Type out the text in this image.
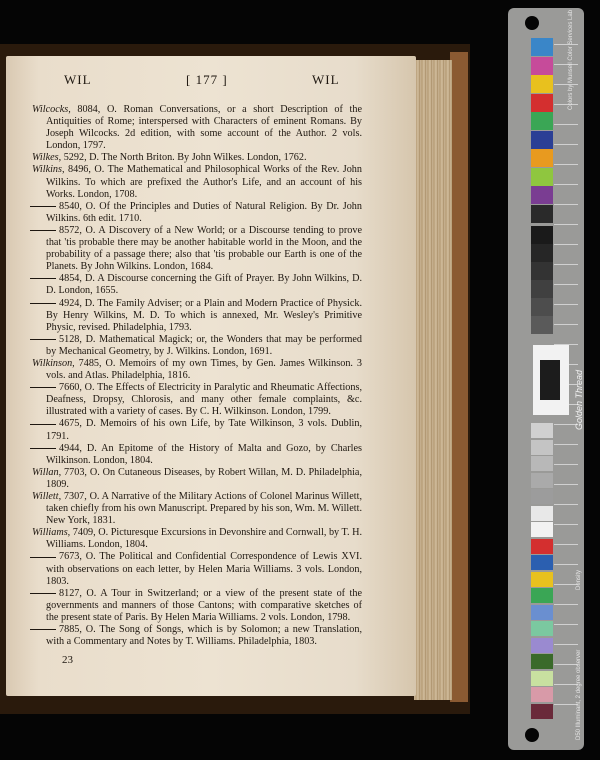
WIL	[ 177 ]	WIL

Wilcocks, 8084, O. Roman Conversations, or a short Description of the Antiquities of Rome; interspersed with Characters of eminent Romans. By Joseph Wilcocks. 2d edition, with some account of the Author. 2 vols. London, 1797.

Wilkes, 5292, D. The North Briton. By John Wilkes. London, 1762.

Wilkins, 8496, O. The Mathematical and Philosophical Works of the Rev. John Wilkins. To which are prefixed the Author's Life, and an account of his Works. London, 1708.

8540, O. Of the Principles and Duties of Natural Religion. By Dr. John Wilkins. 6th edit. 1710.

8572, O. A Discovery of a New World; or a Discourse tending to prove that 'tis probable there may be another habitable world in the Moon, and the probability of a passage there; also that 'tis probable our Earth is one of the Planets. By John Wilkins. London, 1684.

4854, D. A Discourse concerning the Gift of Prayer. By John Wilkins, D. D. London, 1655.

4924, D. The Family Adviser; or a Plain and Modern Practice of Physick. By Henry Wilkins, M. D. To which is annexed, Mr. Wesley's Primitive Physic, revised. Philadelphia, 1793.

5128, D. Mathematical Magick; or, the Wonders that may be performed by Mechanical Geometry, by J. Wilkins. London, 1691.

Wilkinson, 7485, O. Memoirs of my own Times, by Gen. James Wilkinson. 3 vols. and Atlas. Philadelphia, 1816.

7660, O. The Effects of Electricity in Paralytic and Rheumatic Affections, Deafness, Dropsy, Chlorosis, and many other female complaints, &c. illustrated with a variety of cases. By C. H. Wilkinson. London, 1799.

4675, D. Memoirs of his own Life, by Tate Wilkinson, 3 vols. Dublin, 1791.

4944, D. An Epitome of the History of Malta and Gozo, by Charles Wilkinson. London, 1804.

Willan, 7703, O. On Cutaneous Diseases, by Robert Willan, M. D. Philadelphia, 1809.

Willett, 7307, O. A Narrative of the Military Actions of Colonel Marinus Willett, taken chiefly from his own Manuscript. Prepared by his son, Wm. M. Willett. New York, 1831.

Williams, 7409, O. Picturesque Excursions in Devonshire and Cornwall, by T. H. Williams. London, 1804.

7673, O. The Political and Confidential Correspondence of Lewis XVI. with observations on each letter, by Helen Maria Williams. 3 vols. London, 1803.

8127, O. A Tour in Switzerland; or a view of the present state of the governments and manners of those Cantons; with comparative sketches of the present state of Paris. By Helen Maria Williams. 2 vols. London, 1798.

7885, O. The Song of Songs, which is by Solomon; a new Translation, with a Commentary and Notes by T. Williams. Philadelphia, 1803.

23
Colors by Munsell Color Services Lab
Golden Thread
Density
D50 Illuminant, 2 degree observer
